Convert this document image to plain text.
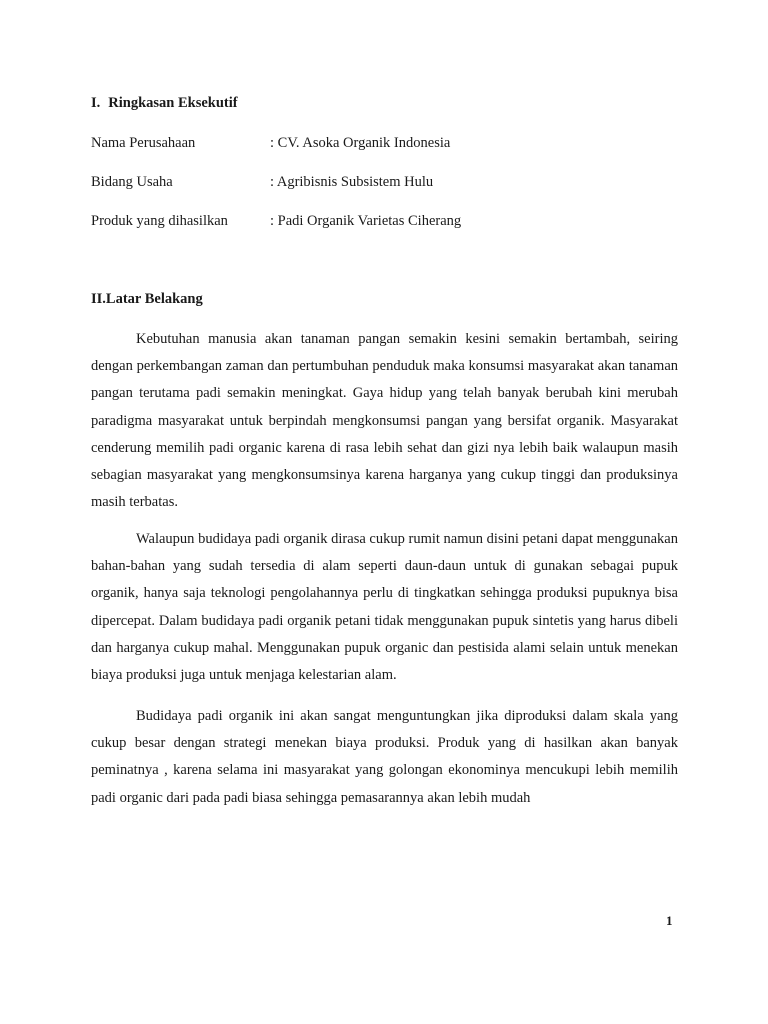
I. Ringkasan Eksekutif
Nama Perusahaan	: CV. Asoka Organik Indonesia
Bidang Usaha	: Agribisnis Subsistem Hulu
Produk yang dihasilkan	: Padi Organik Varietas Ciherang
II.Latar Belakang

Kebutuhan manusia akan tanaman pangan semakin kesini semakin bertambah, seiring dengan perkembangan zaman dan pertumbuhan penduduk maka konsumsi masyarakat akan tanaman pangan terutama padi semakin meningkat. Gaya hidup yang telah banyak berubah kini merubah paradigma masyarakat untuk berpindah mengkonsumsi pangan yang bersifat organik. Masyarakat cenderung memilih padi organic karena di rasa lebih sehat dan gizi nya lebih baik walaupun masih sebagian masyarakat yang mengkonsumsinya karena harganya yang cukup tinggi dan produksinya masih terbatas.

Walaupun budidaya padi organik dirasa cukup rumit namun disini petani dapat menggunakan bahan-bahan yang sudah tersedia di alam seperti daun-daun untuk di gunakan sebagai pupuk organik, hanya saja teknologi pengolahannya perlu di tingkatkan sehingga produksi pupuknya bisa dipercepat. Dalam budidaya padi organik petani tidak menggunakan pupuk sintetis yang harus dibeli dan harganya cukup mahal. Menggunakan pupuk organic dan pestisida alami selain untuk menekan biaya produksi juga untuk menjaga kelestarian alam.

Budidaya padi organik ini akan sangat menguntungkan jika diproduksi dalam skala yang cukup besar dengan strategi menekan biaya produksi. Produk yang di hasilkan akan banyak peminatnya , karena selama ini masyarakat yang golongan ekonominya mencukupi lebih memilih padi organic dari pada padi biasa sehingga pemasarannya akan lebih mudah

1
